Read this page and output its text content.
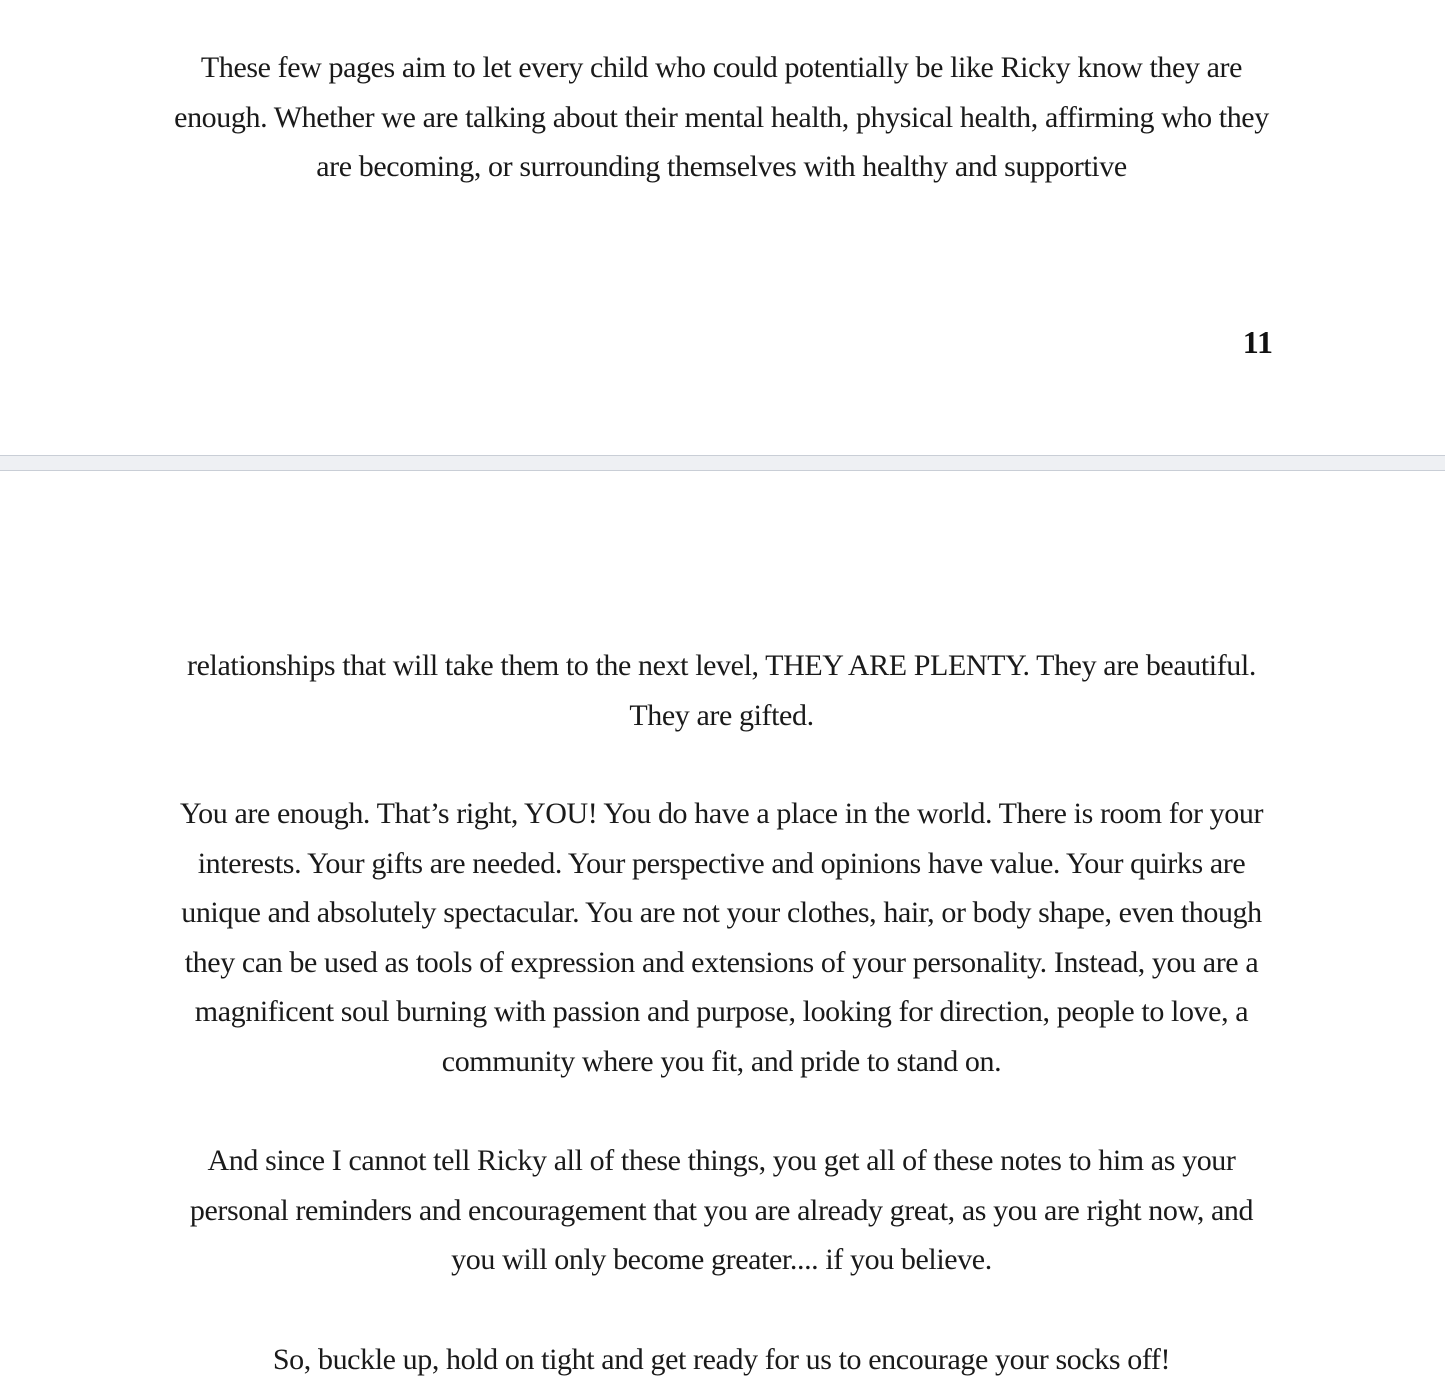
These few pages aim to let every child who could potentially be like Ricky know they are enough. Whether we are talking about their mental health, physical health, affirming who they are becoming, or surrounding themselves with healthy and supportive

11

relationships that will take them to the next level, THEY ARE PLENTY. They are beautiful. They are gifted.

You are enough. That’s right, YOU! You do have a place in the world. There is room for your interests. Your gifts are needed. Your perspective and opinions have value. Your quirks are unique and absolutely spectacular. You are not your clothes, hair, or body shape, even though they can be used as tools of expression and extensions of your personality. Instead, you are a magnificent soul burning with passion and purpose, looking for direction, people to love, a community where you fit, and pride to stand on.

And since I cannot tell Ricky all of these things, you get all of these notes to him as your personal reminders and encouragement that you are already great, as you are right now, and you will only become greater.... if you believe.

So, buckle up, hold on tight and get ready for us to encourage your socks off!
